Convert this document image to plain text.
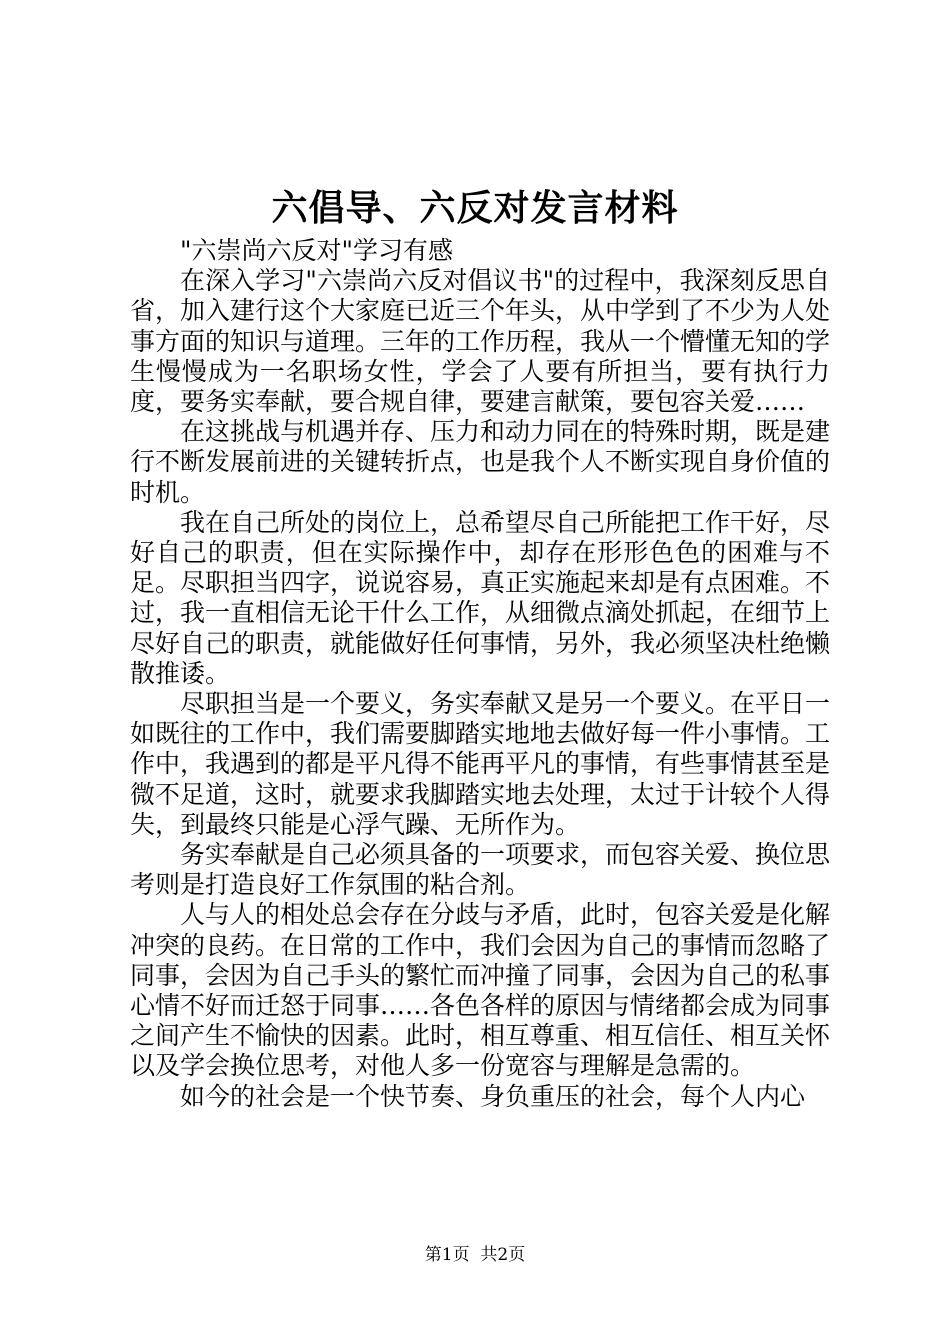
六倡导、六反对发言材料

"六崇尚六反对"学习有感

在深入学习"六崇尚六反对倡议书"的过程中，我深刻反思自省，加入建行这个大家庭已近三个年头，从中学到了不少为人处事方面的知识与道理。三年的工作历程，我从一个懵懂无知的学生慢慢成为一名职场女性，学会了人要有所担当，要有执行力度，要务实奉献，要合规自律，要建言献策，要包容关爱……

在这挑战与机遇并存、压力和动力同在的特殊时期，既是建行不断发展前进的关键转折点，也是我个人不断实现自身价值的时机。

我在自己所处的岗位上，总希望尽自己所能把工作干好，尽好自己的职责，但在实际操作中，却存在形形色色的困难与不足。尽职担当四字，说说容易，真正实施起来却是有点困难。不过，我一直相信无论干什么工作，从细微点滴处抓起，在细节上尽好自己的职责，就能做好任何事情，另外，我必须坚决杜绝懒散推诿。

尽职担当是一个要义，务实奉献又是另一个要义。在平日一如既往的工作中，我们需要脚踏实地地去做好每一件小事情。工作中，我遇到的都是平凡得不能再平凡的事情，有些事情甚至是微不足道，这时，就要求我脚踏实地去处理，太过于计较个人得失，到最终只能是心浮气躁、无所作为。

务实奉献是自己必须具备的一项要求，而包容关爱、换位思考则是打造良好工作氛围的粘合剂。

人与人的相处总会存在分歧与矛盾，此时，包容关爱是化解冲突的良药。在日常的工作中，我们会因为自己的事情而忽略了同事，会因为自己手头的繁忙而冲撞了同事，会因为自己的私事心情不好而迁怒于同事……各色各样的原因与情绪都会成为同事之间产生不愉快的因素。此时，相互尊重、相互信任、相互关怀以及学会换位思考，对他人多一份宽容与理解是急需的。

如今的社会是一个快节奏、身负重压的社会，每个人内心

第1页  共2页
